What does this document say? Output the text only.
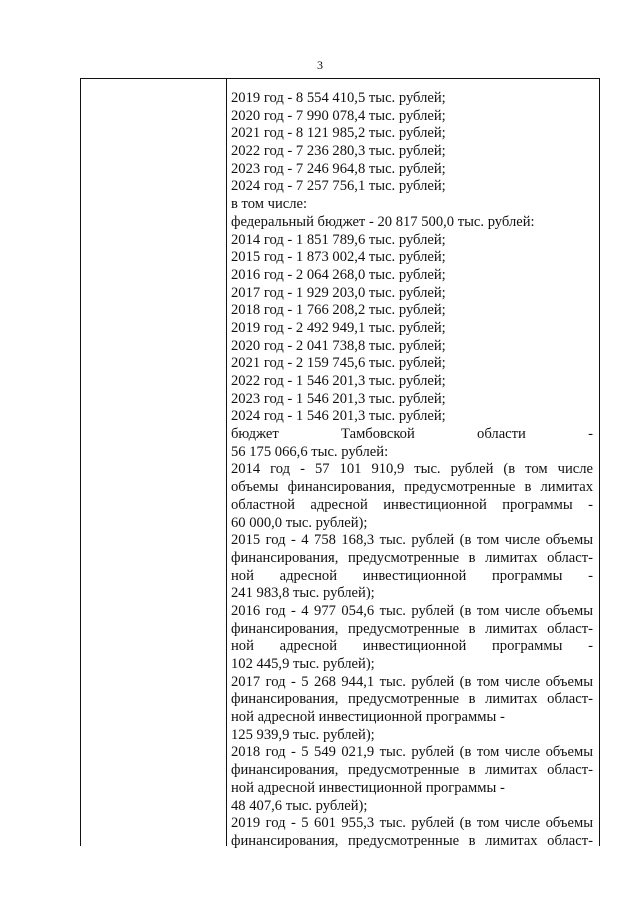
3
2019 год - 8 554 410,5 тыс. рублей;
2020 год - 7 990 078,4 тыс. рублей;
2021 год - 8 121 985,2 тыс. рублей;
2022 год - 7 236 280,3 тыс. рублей;
2023 год - 7 246 964,8 тыс. рублей;
2024 год - 7 257 756,1 тыс. рублей;
в том числе:
федеральный бюджет - 20 817 500,0 тыс. рублей:
2014 год - 1 851 789,6 тыс. рублей;
2015 год - 1 873 002,4 тыс. рублей;
2016 год - 2 064 268,0 тыс. рублей;
2017 год - 1 929 203,0 тыс. рублей;
2018 год - 1 766 208,2 тыс. рублей;
2019 год - 2 492 949,1 тыс. рублей;
2020 год - 2 041 738,8 тыс. рублей;
2021 год - 2 159 745,6 тыс. рублей;
2022 год - 1 546 201,3 тыс. рублей;
2023 год - 1 546 201,3 тыс. рублей;
2024 год - 1 546 201,3 тыс. рублей;
бюджет Тамбовской области -
56 175 066,6 тыс. рублей:
2014 год - 57 101 910,9 тыс. рублей (в том числе
объемы финансирования, предусмотренные в лимитах
областной адресной инвестиционной программы -
60 000,0 тыс. рублей);
2015 год - 4 758 168,3 тыс. рублей (в том числе объемы
финансирования, предусмотренные в лимитах област-
ной адресной инвестиционной программы -
241 983,8 тыс. рублей);
2016 год - 4 977 054,6 тыс. рублей (в том числе объемы
финансирования, предусмотренные в лимитах област-
ной адресной инвестиционной программы -
102 445,9 тыс. рублей);
2017 год - 5 268 944,1 тыс. рублей (в том числе объемы
финансирования, предусмотренные в лимитах област-
ной адресной инвестиционной программы -
125 939,9 тыс. рублей);
2018 год - 5 549 021,9 тыс. рублей (в том числе объемы
финансирования, предусмотренные в лимитах област-
ной адресной инвестиционной программы -
48 407,6 тыс. рублей);
2019 год - 5 601 955,3 тыс. рублей (в том числе объемы
финансирования, предусмотренные в лимитах област-
